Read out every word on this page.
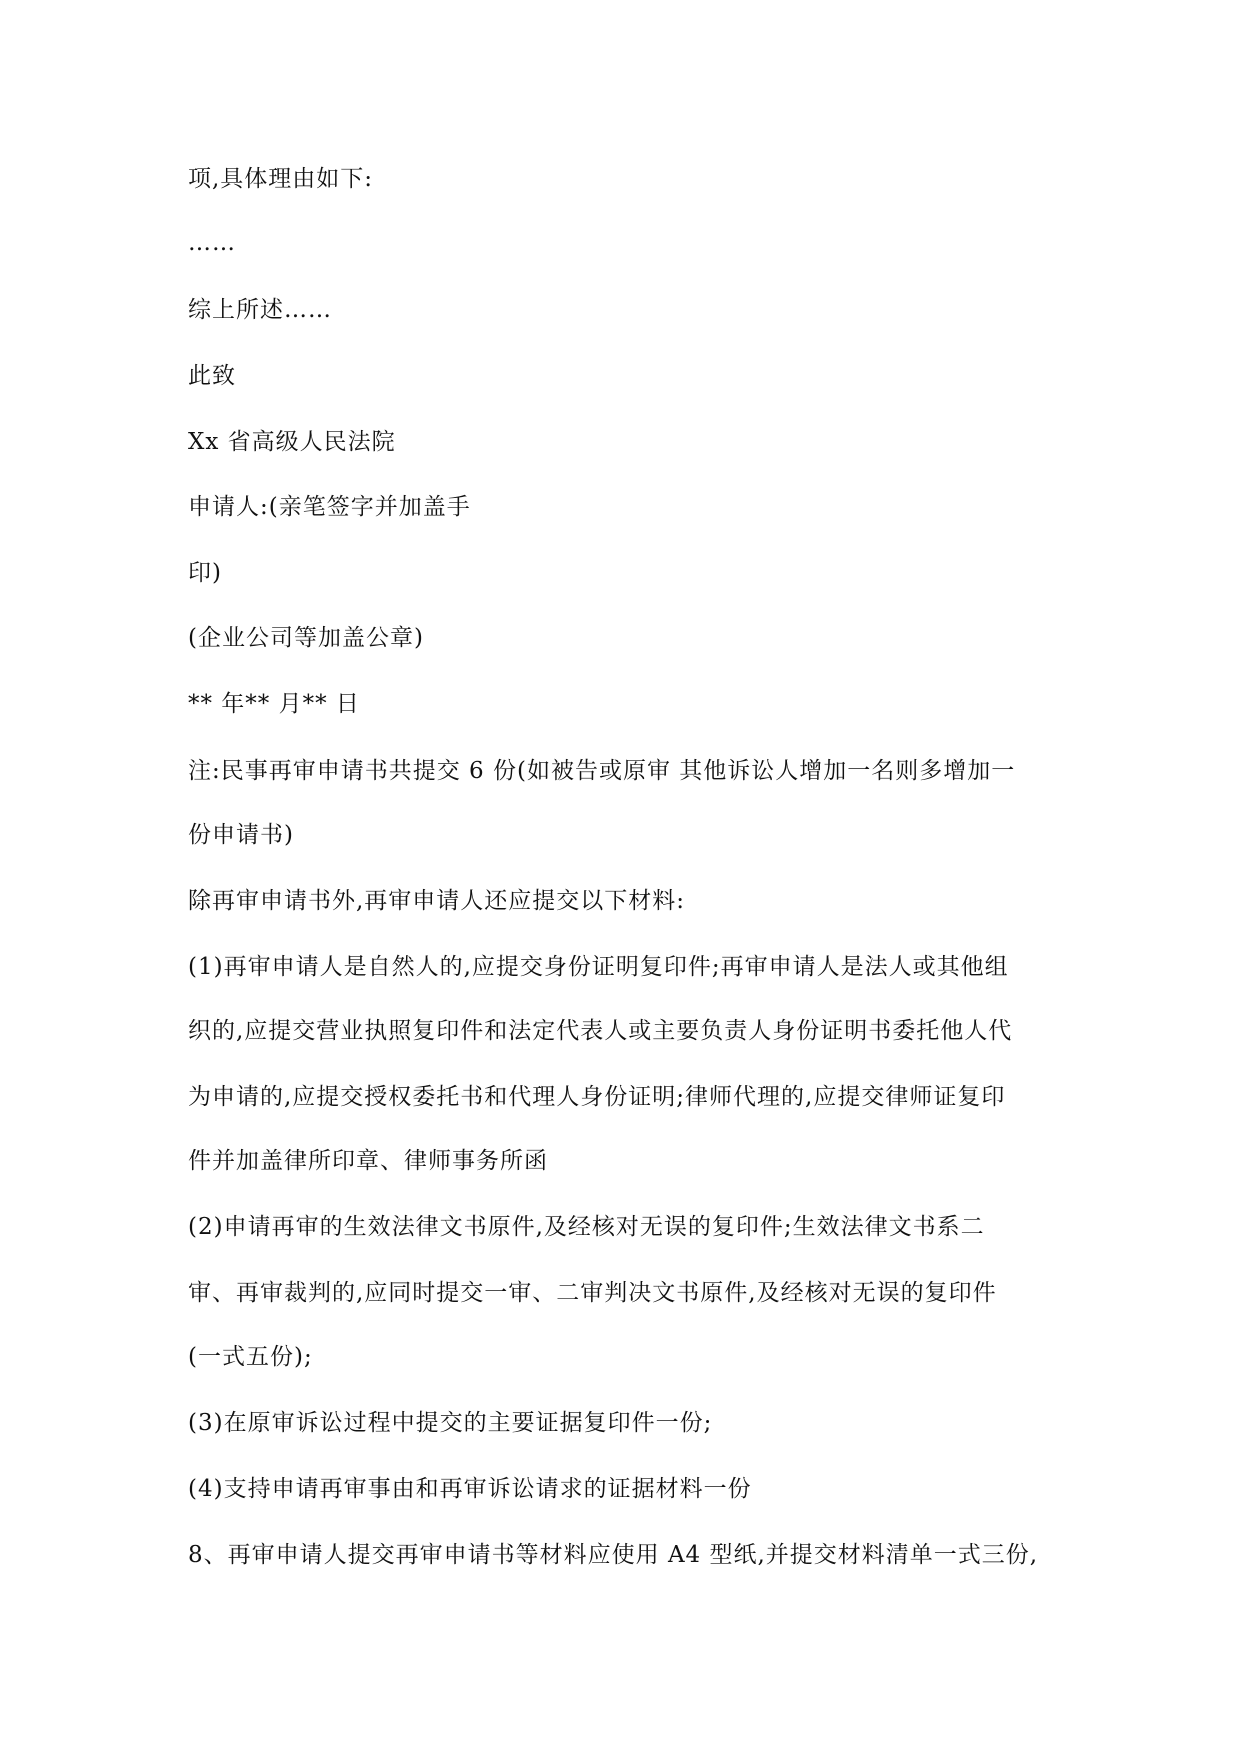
项,具体理由如下:
……
综上所述……
此致
Xx 省高级人民法院
申请人:(亲笔签字并加盖手
印)
(企业公司等加盖公章)
** 年** 月** 日
注:民事再审申请书共提交 6 份(如被告或原审 其他诉讼人增加一名则多增加一
份申请书)
除再审申请书外,再审申请人还应提交以下材料:
(1)再审申请人是自然人的,应提交身份证明复印件;再审申请人是法人或其他组
织的,应提交营业执照复印件和法定代表人或主要负责人身份证明书委托他人代
为申请的,应提交授权委托书和代理人身份证明;律师代理的,应提交律师证复印
件并加盖律所印章、律师事务所函
(2)申请再审的生效法律文书原件,及经核对无误的复印件;生效法律文书系二
审、再审裁判的,应同时提交一审、二审判决文书原件,及经核对无误的复印件
(一式五份);
(3)在原审诉讼过程中提交的主要证据复印件一份;
(4)支持申请再审事由和再审诉讼请求的证据材料一份
8、再审申请人提交再审申请书等材料应使用 A4 型纸,并提交材料清单一式三份,
